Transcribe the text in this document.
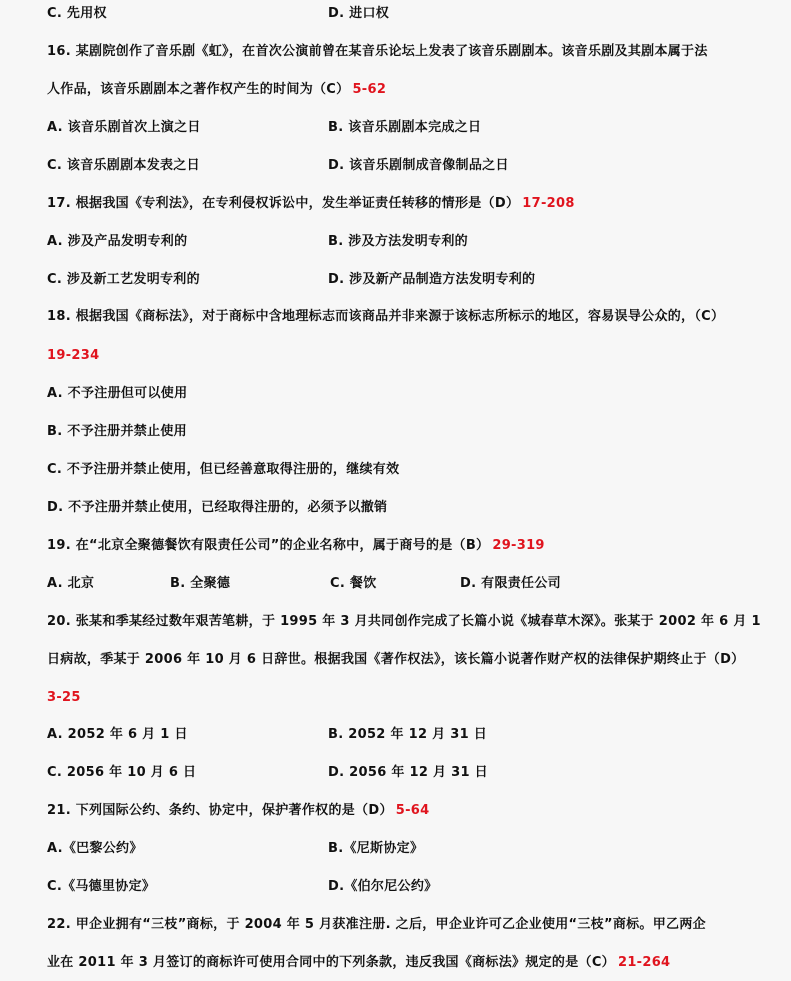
C. 先用权	D. 进口权
16. 某剧院创作了音乐剧《虹》，在首次公演前曾在某音乐论坛上发表了该音乐剧剧本。该音乐剧及其剧本属于法
人作品，该音乐剧剧本之著作权产生的时间为（C） 5-62
A. 该音乐剧首次上演之日	B. 该音乐剧剧本完成之日
C. 该音乐剧剧本发表之日	D. 该音乐剧制成音像制品之日
17. 根据我国《专利法》，在专利侵权诉讼中，发生举证责任转移的情形是（D） 17-208
A. 涉及产品发明专利的	B. 涉及方法发明专利的
C. 涉及新工艺发明专利的	D. 涉及新产品制造方法发明专利的
18. 根据我国《商标法》，对于商标中含地理标志而该商品并非来源于该标志所标示的地区，容易误导公众的，（C）
19-234
A. 不予注册但可以使用
B. 不予注册并禁止使用
C. 不予注册并禁止使用，但已经善意取得注册的，继续有效
D. 不予注册并禁止使用，已经取得注册的，必须予以撤销
19. 在“北京全聚德餐饮有限责任公司”的企业名称中，属于商号的是（B） 29-319
A. 北京	B. 全聚德	C. 餐饮	D. 有限责任公司
20. 张某和季某经过数年艰苦笔耕，于 1995 年 3 月共同创作完成了长篇小说《城春草木深》。张某于 2002 年 6 月 1
日病故，季某于 2006 年 10 月 6 日辞世。根据我国《著作权法》，该长篇小说著作财产权的法律保护期终止于（D）
3-25
A. 2052 年 6 月 1 日	B. 2052 年 12 月 31 日
C. 2056 年 10 月 6 日	D. 2056 年 12 月 31 日
21. 下列国际公约、条约、协定中，保护著作权的是（D） 5-64
A.《巴黎公约》	B.《尼斯协定》
C.《马德里协定》	D.《伯尔尼公约》
22. 甲企业拥有“三枝”商标，于 2004 年 5 月获准注册. 之后，甲企业许可乙企业使用“三枝”商标。甲乙两企
业在 2011 年 3 月签订的商标许可使用合同中的下列条款，违反我国《商标法》规定的是（C） 21-264
